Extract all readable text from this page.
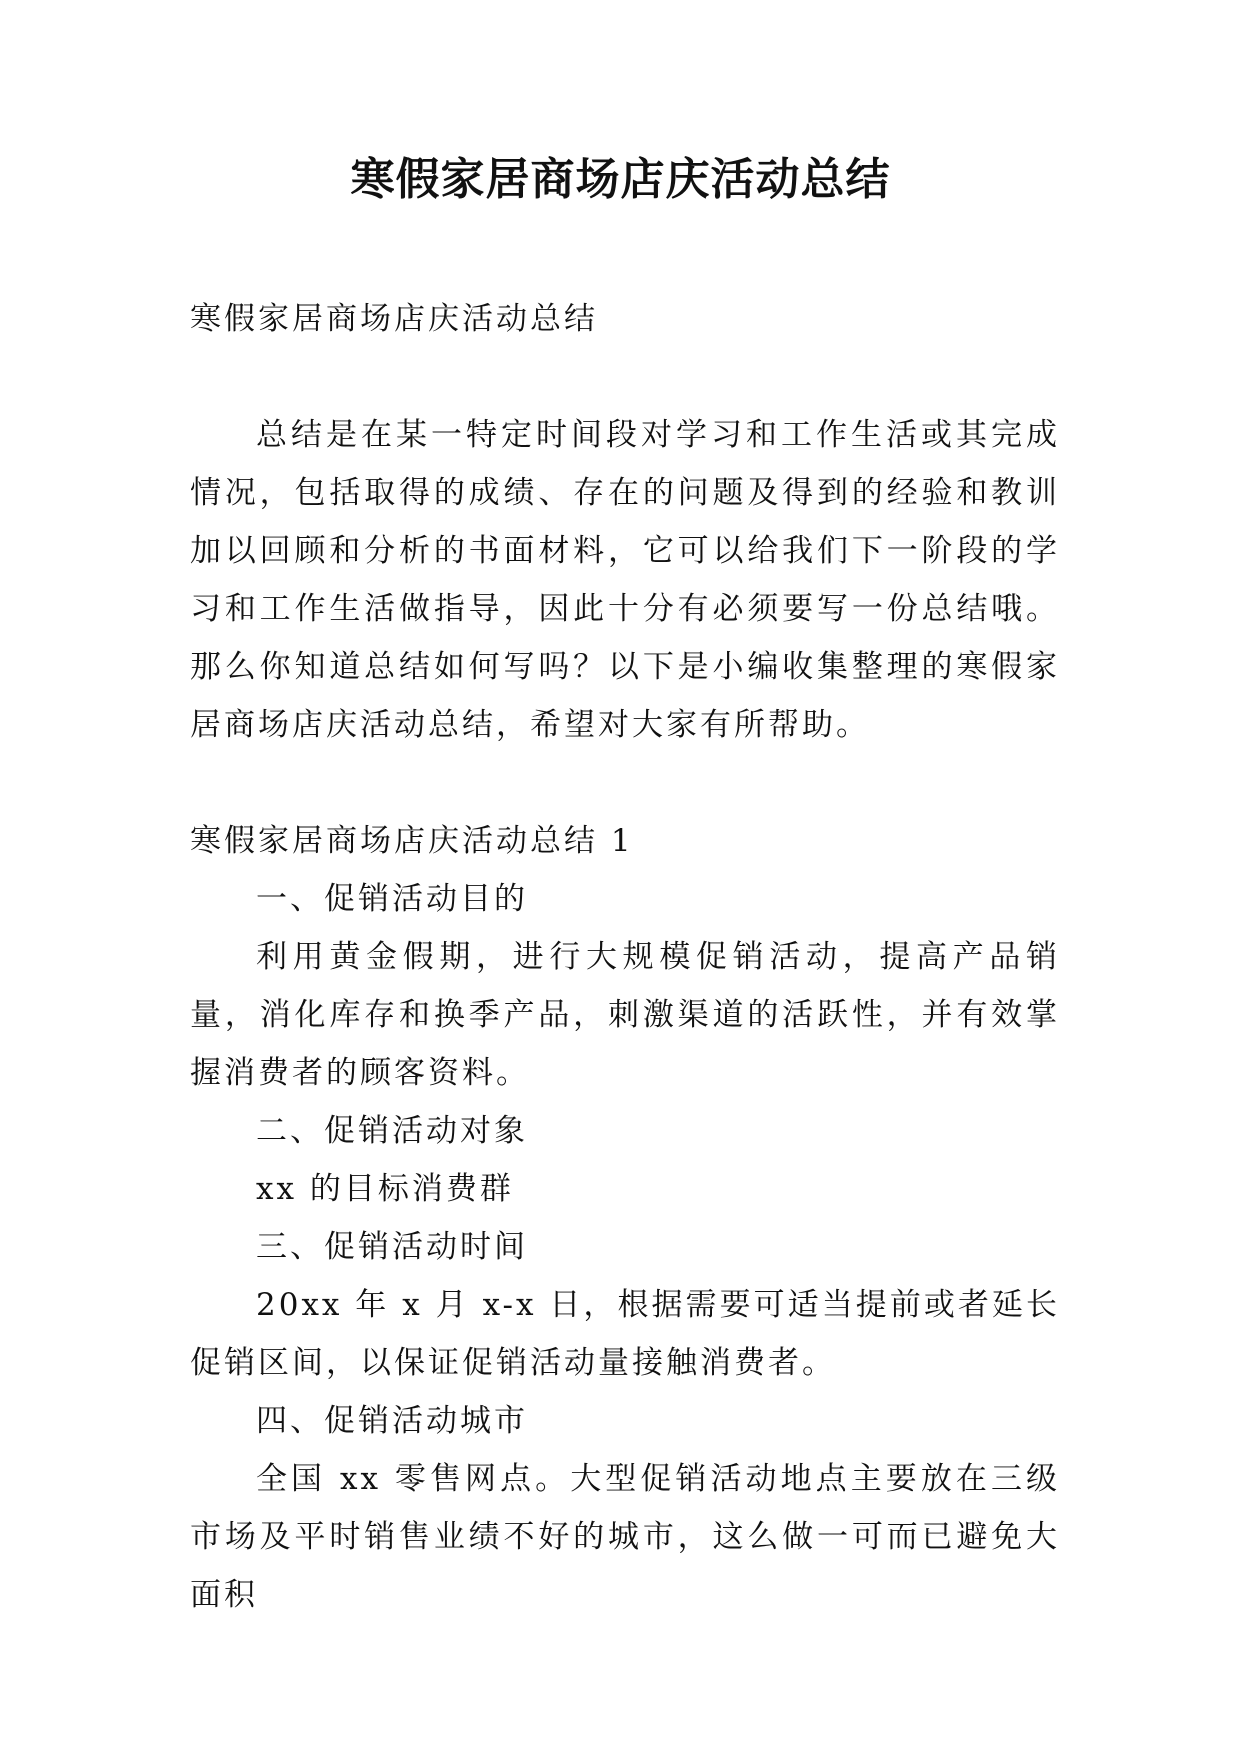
寒假家居商场店庆活动总结

寒假家居商场店庆活动总结

总结是在某一特定时间段对学习和工作生活或其完成情况，包括取得的成绩、存在的问题及得到的经验和教训加以回顾和分析的书面材料，它可以给我们下一阶段的学习和工作生活做指导，因此十分有必须要写一份总结哦。那么你知道总结如何写吗？以下是小编收集整理的寒假家居商场店庆活动总结，希望对大家有所帮助。

寒假家居商场店庆活动总结 1

一、促销活动目的

利用黄金假期，进行大规模促销活动，提高产品销量，消化库存和换季产品，刺激渠道的活跃性，并有效掌握消费者的顾客资料。

二、促销活动对象

xx 的目标消费群

三、促销活动时间

20xx 年 x 月 x-x 日，根据需要可适当提前或者延长促销区间，以保证促销活动量接触消费者。

四、促销活动城市

全国 xx 零售网点。大型促销活动地点主要放在三级市场及平时销售业绩不好的城市，这么做一可而已避免大面积
